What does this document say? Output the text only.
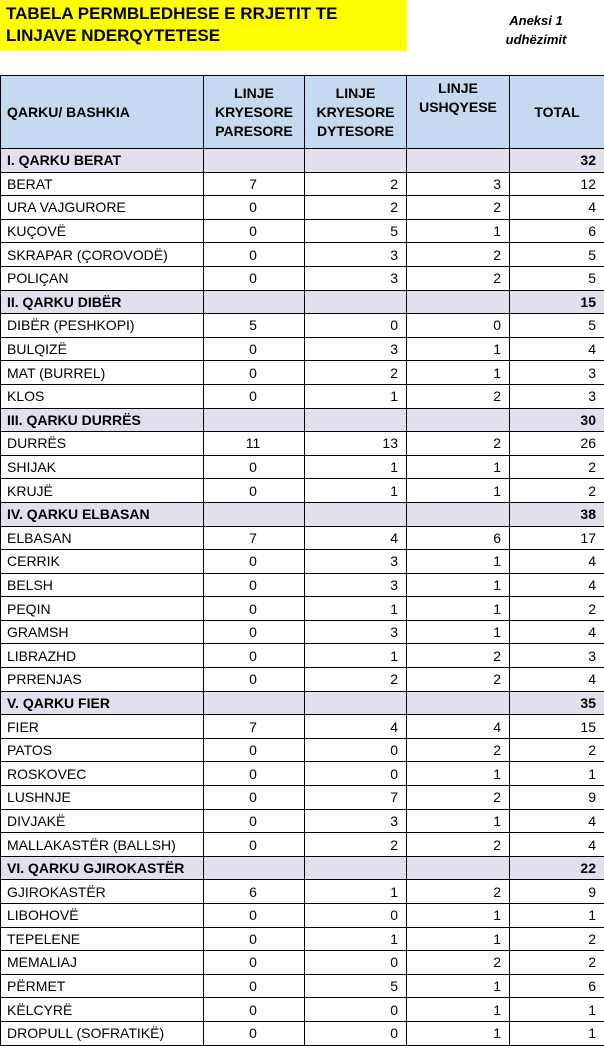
TABELA PERMBLEDHESE E RRJETIT TE LINJAVE NDERQYTETESE
Aneksi 1 udhëzimit
QARKU/ BASHKIA	LINJE KRYESORE PARESORE	LINJE KRYESORE DYTESORE	LINJE USHQYESE	TOTAL
I. QARKU BERAT				32
BERAT	7	2	3	12
URA VAJGURORE	0	2	2	4
KUÇOVË	0	5	1	6
SKRAPAR (ÇOROVODË)	0	3	2	5
POLIÇAN	0	3	2	5
II. QARKU DIBËR				15
DIBËR (PESHKOPI)	5	0	0	5
BULQIZË	0	3	1	4
MAT (BURREL)	0	2	1	3
KLOS	0	1	2	3
III. QARKU DURRËS				30
DURRËS	11	13	2	26
SHIJAK	0	1	1	2
KRUJË	0	1	1	2
IV. QARKU ELBASAN				38
ELBASAN	7	4	6	17
CERRIK	0	3	1	4
BELSH	0	3	1	4
PEQIN	0	1	1	2
GRAMSH	0	3	1	4
LIBRAZHD	0	1	2	3
PRRENJAS	0	2	2	4
V. QARKU FIER				35
FIER	7	4	4	15
PATOS	0	0	2	2
ROSKOVEC	0	0	1	1
LUSHNJE	0	7	2	9
DIVJAKË	0	3	1	4
MALLAKASTËR (BALLSH)	0	2	2	4
VI. QARKU GJIROKASTËR				22
GJIROKASTËR	6	1	2	9
LIBOHOVË	0	0	1	1
TEPELENE	0	1	1	2
MEMALIAJ	0	0	2	2
PËRMET	0	5	1	6
KËLCYRË	0	0	1	1
DROPULL (SOFRATIKË)	0	0	1	1
